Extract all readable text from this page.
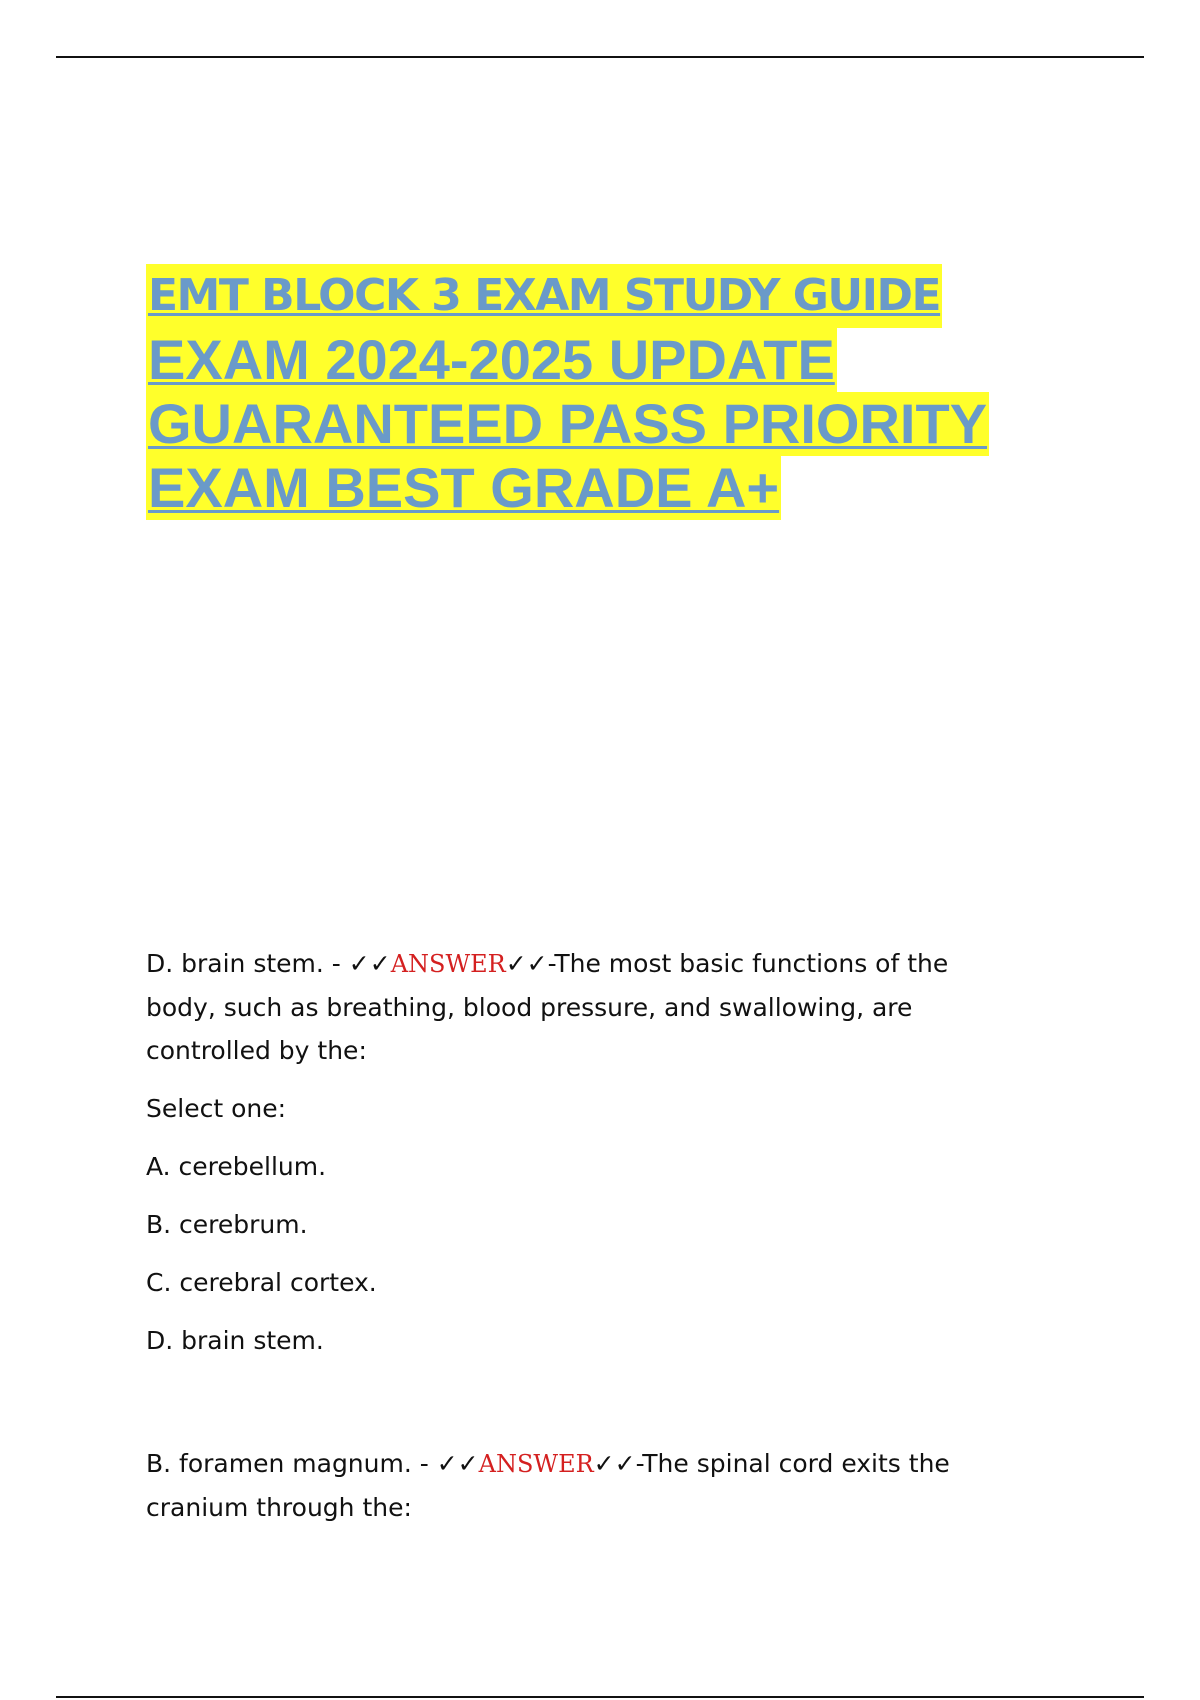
EMT BLOCK 3 EXAM STUDY GUIDE
EXAM 2024-2025 UPDATE
GUARANTEED PASS PRIORITY
EXAM BEST GRADE A+

D. brain stem. - ✓✓ANSWER✓✓-The most basic functions of the
body, such as breathing, blood pressure, and swallowing, are
controlled by the:

Select one:

A. cerebellum.

B. cerebrum.

C. cerebral cortex.

D. brain stem.

B. foramen magnum. - ✓✓ANSWER✓✓-The spinal cord exits the
cranium through the:
